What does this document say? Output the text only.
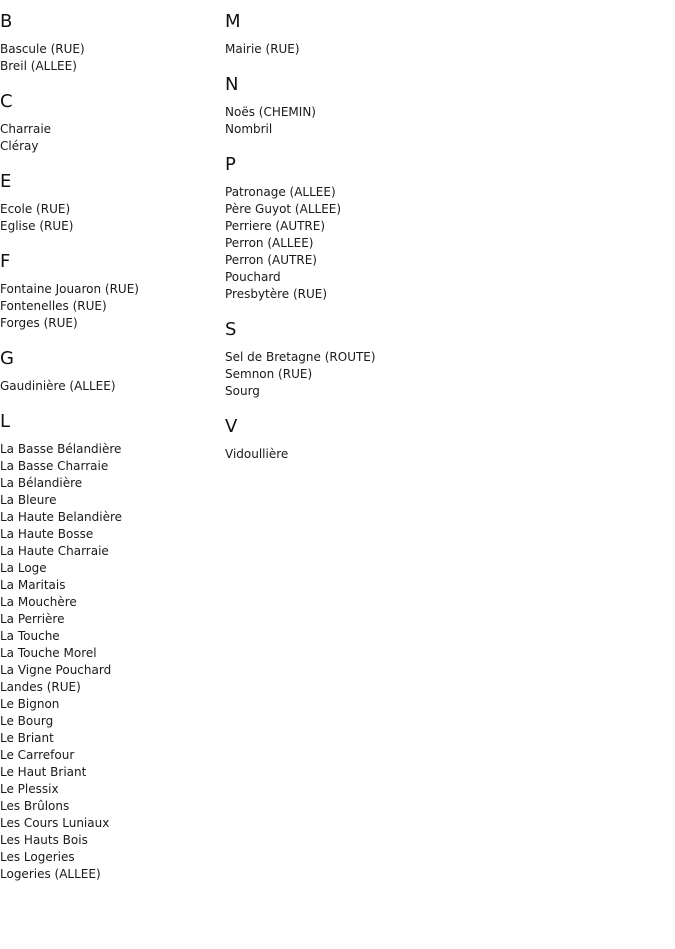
B
Bascule (RUE)
Breil (ALLEE)
C
Charraie
Cléray
E
Ecole (RUE)
Eglise (RUE)
F
Fontaine Jouaron (RUE)
Fontenelles (RUE)
Forges (RUE)
G
Gaudinière (ALLEE)
L
La Basse Bélandière
La Basse Charraie
La Bélandière
La Bleure
La Haute Belandière
La Haute Bosse
La Haute Charraie
La Loge
La Maritais
La Mouchère
La Perrière
La Touche
La Touche Morel
La Vigne Pouchard
Landes (RUE)
Le Bignon
Le Bourg
Le Briant
Le Carrefour
Le Haut Briant
Le Plessix
Les Brûlons
Les Cours Luniaux
Les Hauts Bois
Les Logeries
Logeries (ALLEE)
M
Mairie (RUE)
N
Noës (CHEMIN)
Nombril
P
Patronage (ALLEE)
Père Guyot (ALLEE)
Perriere (AUTRE)
Perron (ALLEE)
Perron (AUTRE)
Pouchard
Presbytère (RUE)
S
Sel de Bretagne (ROUTE)
Semnon (RUE)
Sourg
V
Vidoullière
